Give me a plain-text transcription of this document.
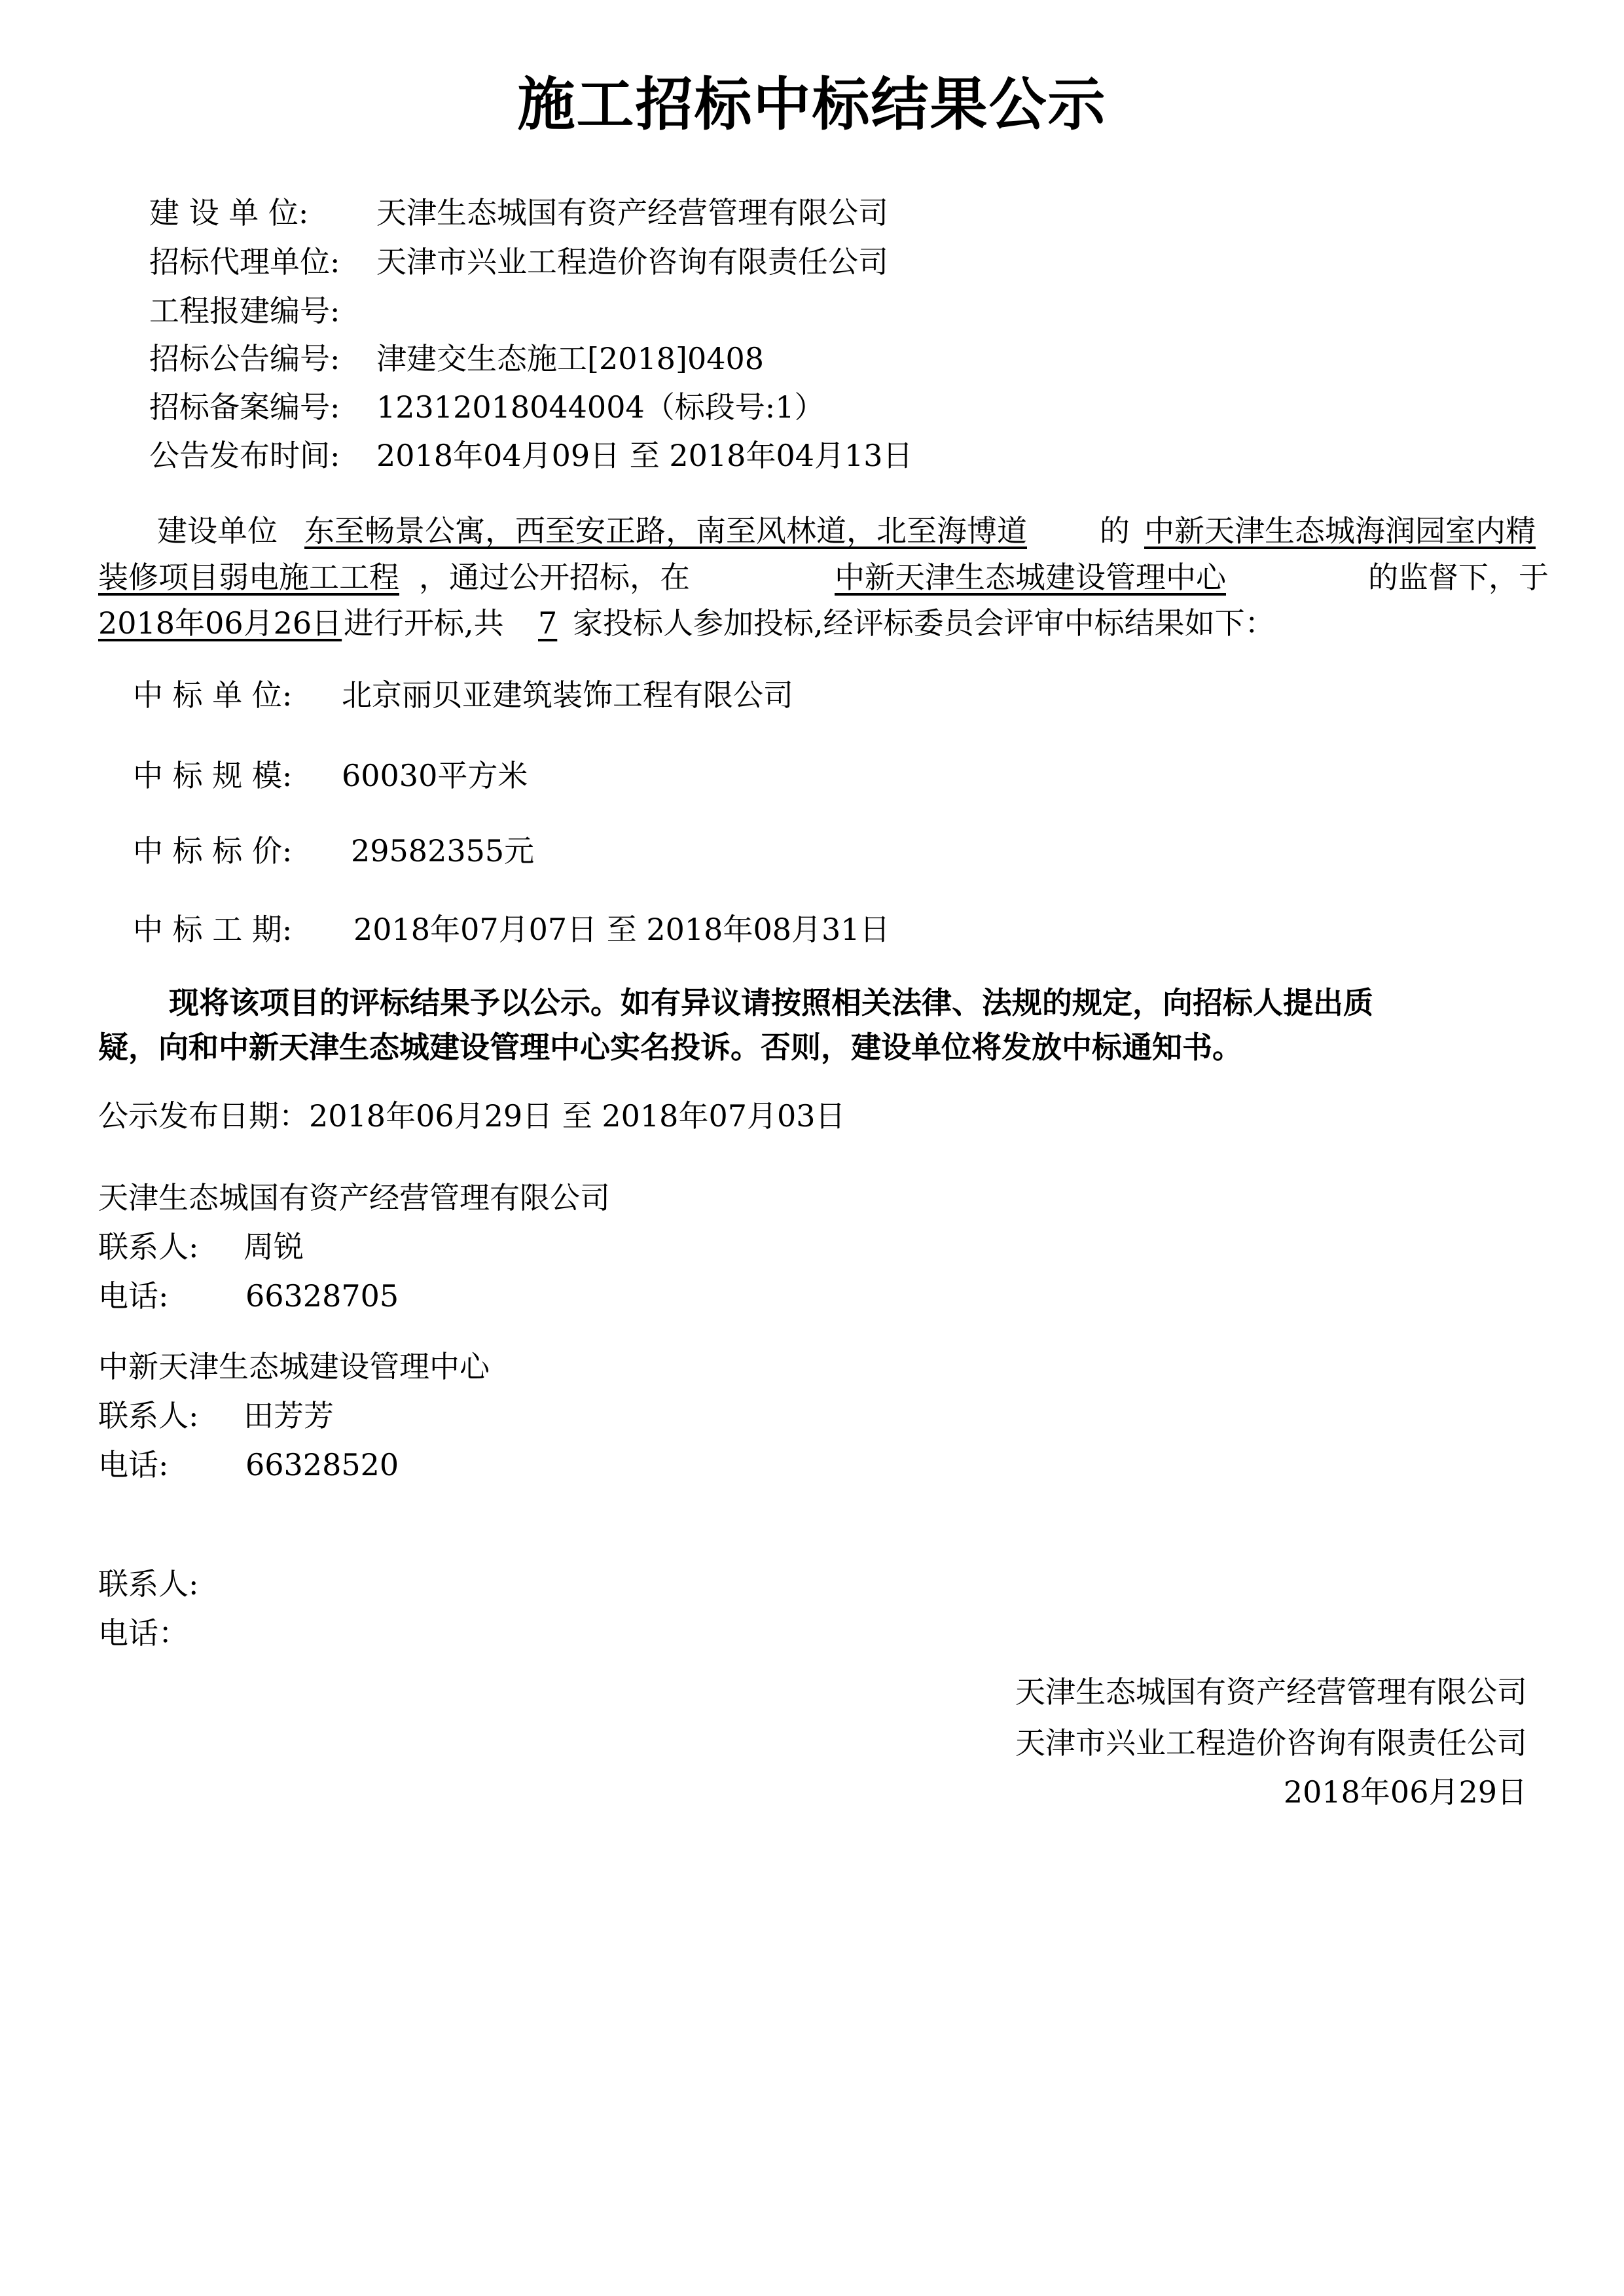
施工招标中标结果公示
建 设 单 位: 天津生态城国有资产经营管理有限公司
招标代理单位: 天津市兴业工程造价咨询有限责任公司
工程报建编号:
招标公告编号: 津建交生态施工[2018]0408
招标备案编号: 12312018044004（标段号:1）
公告发布时间: 2018年04月09日 至 2018年04月13日
建设单位 东至畅景公寓，西至安正路，南至风林道，北至海博道 的 中新天津生态城海润园室内精
装修项目弱电施工工程 ，通过公开招标，在	中新天津生态城建设管理中心	的监督下，于
2018年06月26日 进行开标,共 7 家投标人参加投标,经评标委员会评审中标结果如下：
中 标 单 位: 北京丽贝亚建筑装饰工程有限公司
中 标 规 模: 60030平方米
中 标 标 价: 29582355元
中 标 工 期: 2018年07月07日 至 2018年08月31日
现将该项目的评标结果予以公示。如有异议请按照相关法律、法规的规定，向招标人提出质
疑，向和中新天津生态城建设管理中心实名投诉。否则，建设单位将发放中标通知书。
公示发布日期：2018年06月29日 至 2018年07月03日
天津生态城国有资产经营管理有限公司
联系人: 周锐
电话:	66328705
中新天津生态城建设管理中心
联系人: 田芳芳
电话:	66328520
联系人:
电话：
天津生态城国有资产经营管理有限公司
天津市兴业工程造价咨询有限责任公司
2018年06月29日
